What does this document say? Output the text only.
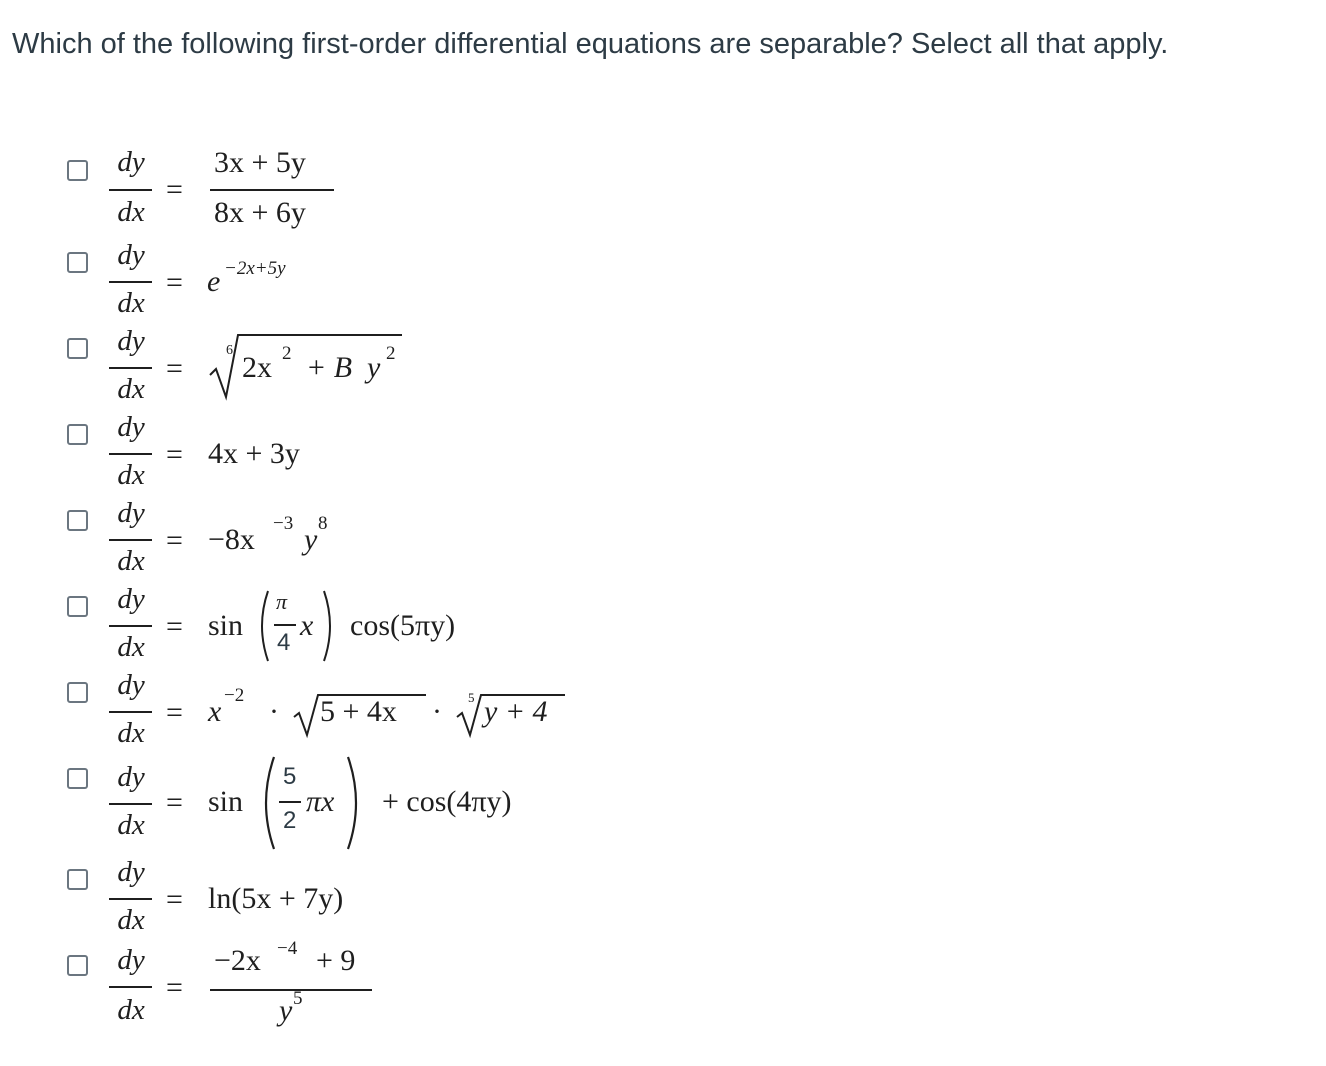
Which of the following first-order differential equations are separable? Select all that apply.
dy
dx
=
3x + 5y
8x + 6y
dy
dx
= e −2x+5y
dy
dx
=
6
2x 2 + B y 2
dy
dx
= 4x + 3y
dy
dx
= −8x −3 y 8
dy
dx
= sin
π
4
x cos(5πy)
dy
dx
= x −2 · 5 + 4x · 5 y + 4
dy
dx
= sin
5
2
πx + cos(4πy)
dy
dx
= ln(5x + 7y)
dy
dx
=
−2x −4 + 9
y 5
